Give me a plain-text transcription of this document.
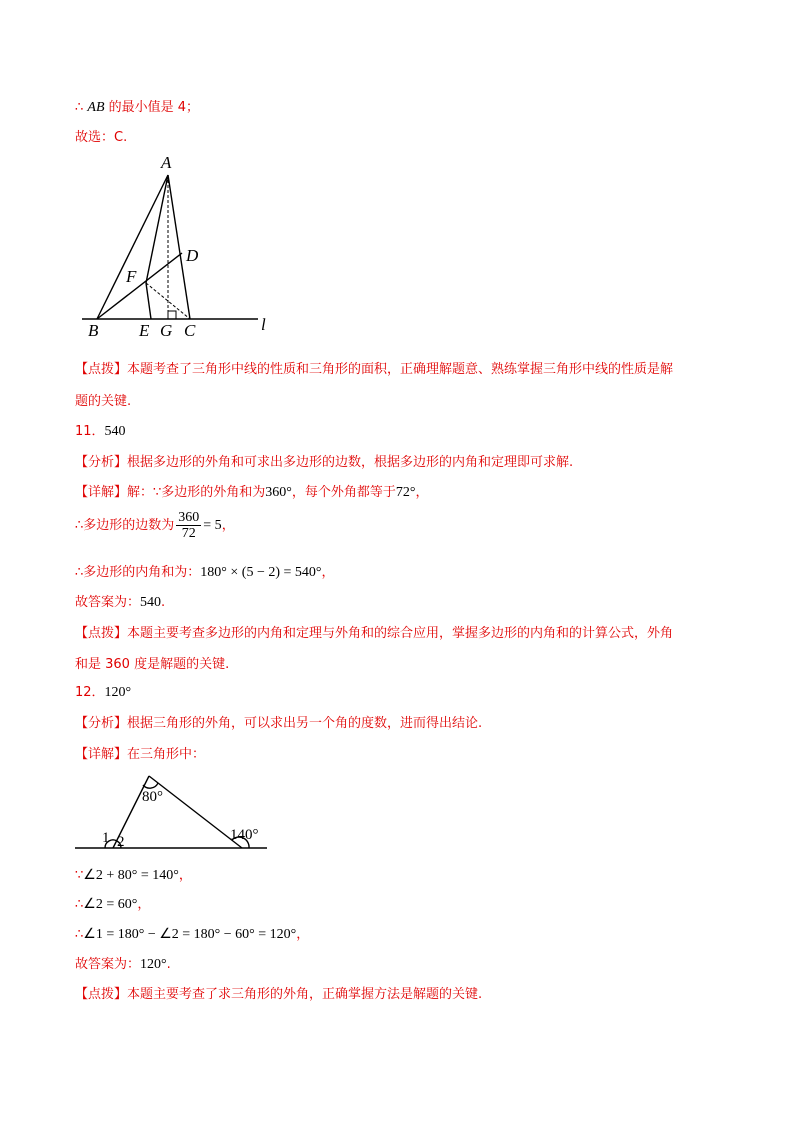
∴ AB 的最小值是 4；
故选：C.
A
D
F
B E G C	l
【点拨】本题考查了三角形中线的性质和三角形的面积，正确理解题意、熟练掌握三角形中线的性质是解
题的关键.
11．540
【分析】根据多边形的外角和可求出多边形的边数，根据多边形的内角和定理即可求解.
【详解】解：∵多边形的外角和为360°，每个外角都等于72°，
∴多边形的边数为 $\frac{360}{72} = 5$，
∴多边形的内角和为：180° × (5 − 2) = 540°，
故答案为：540.
【点拨】本题主要考查多边形的内角和定理与外角和的综合应用，掌握多边形的内角和的计算公式，外角
和是 360 度是解题的关键.
12．120°
【分析】根据三角形的外角，可以求出另一个角的度数，进而得出结论.
【详解】在三角形中：
80°
1 2	140°
∵∠2 + 80° = 140°，
∴∠2 = 60°，
∴∠1 = 180° − ∠2 = 180° − 60° = 120°，
故答案为：120°.
【点拨】本题主要考查了求三角形的外角，正确掌握方法是解题的关键.
